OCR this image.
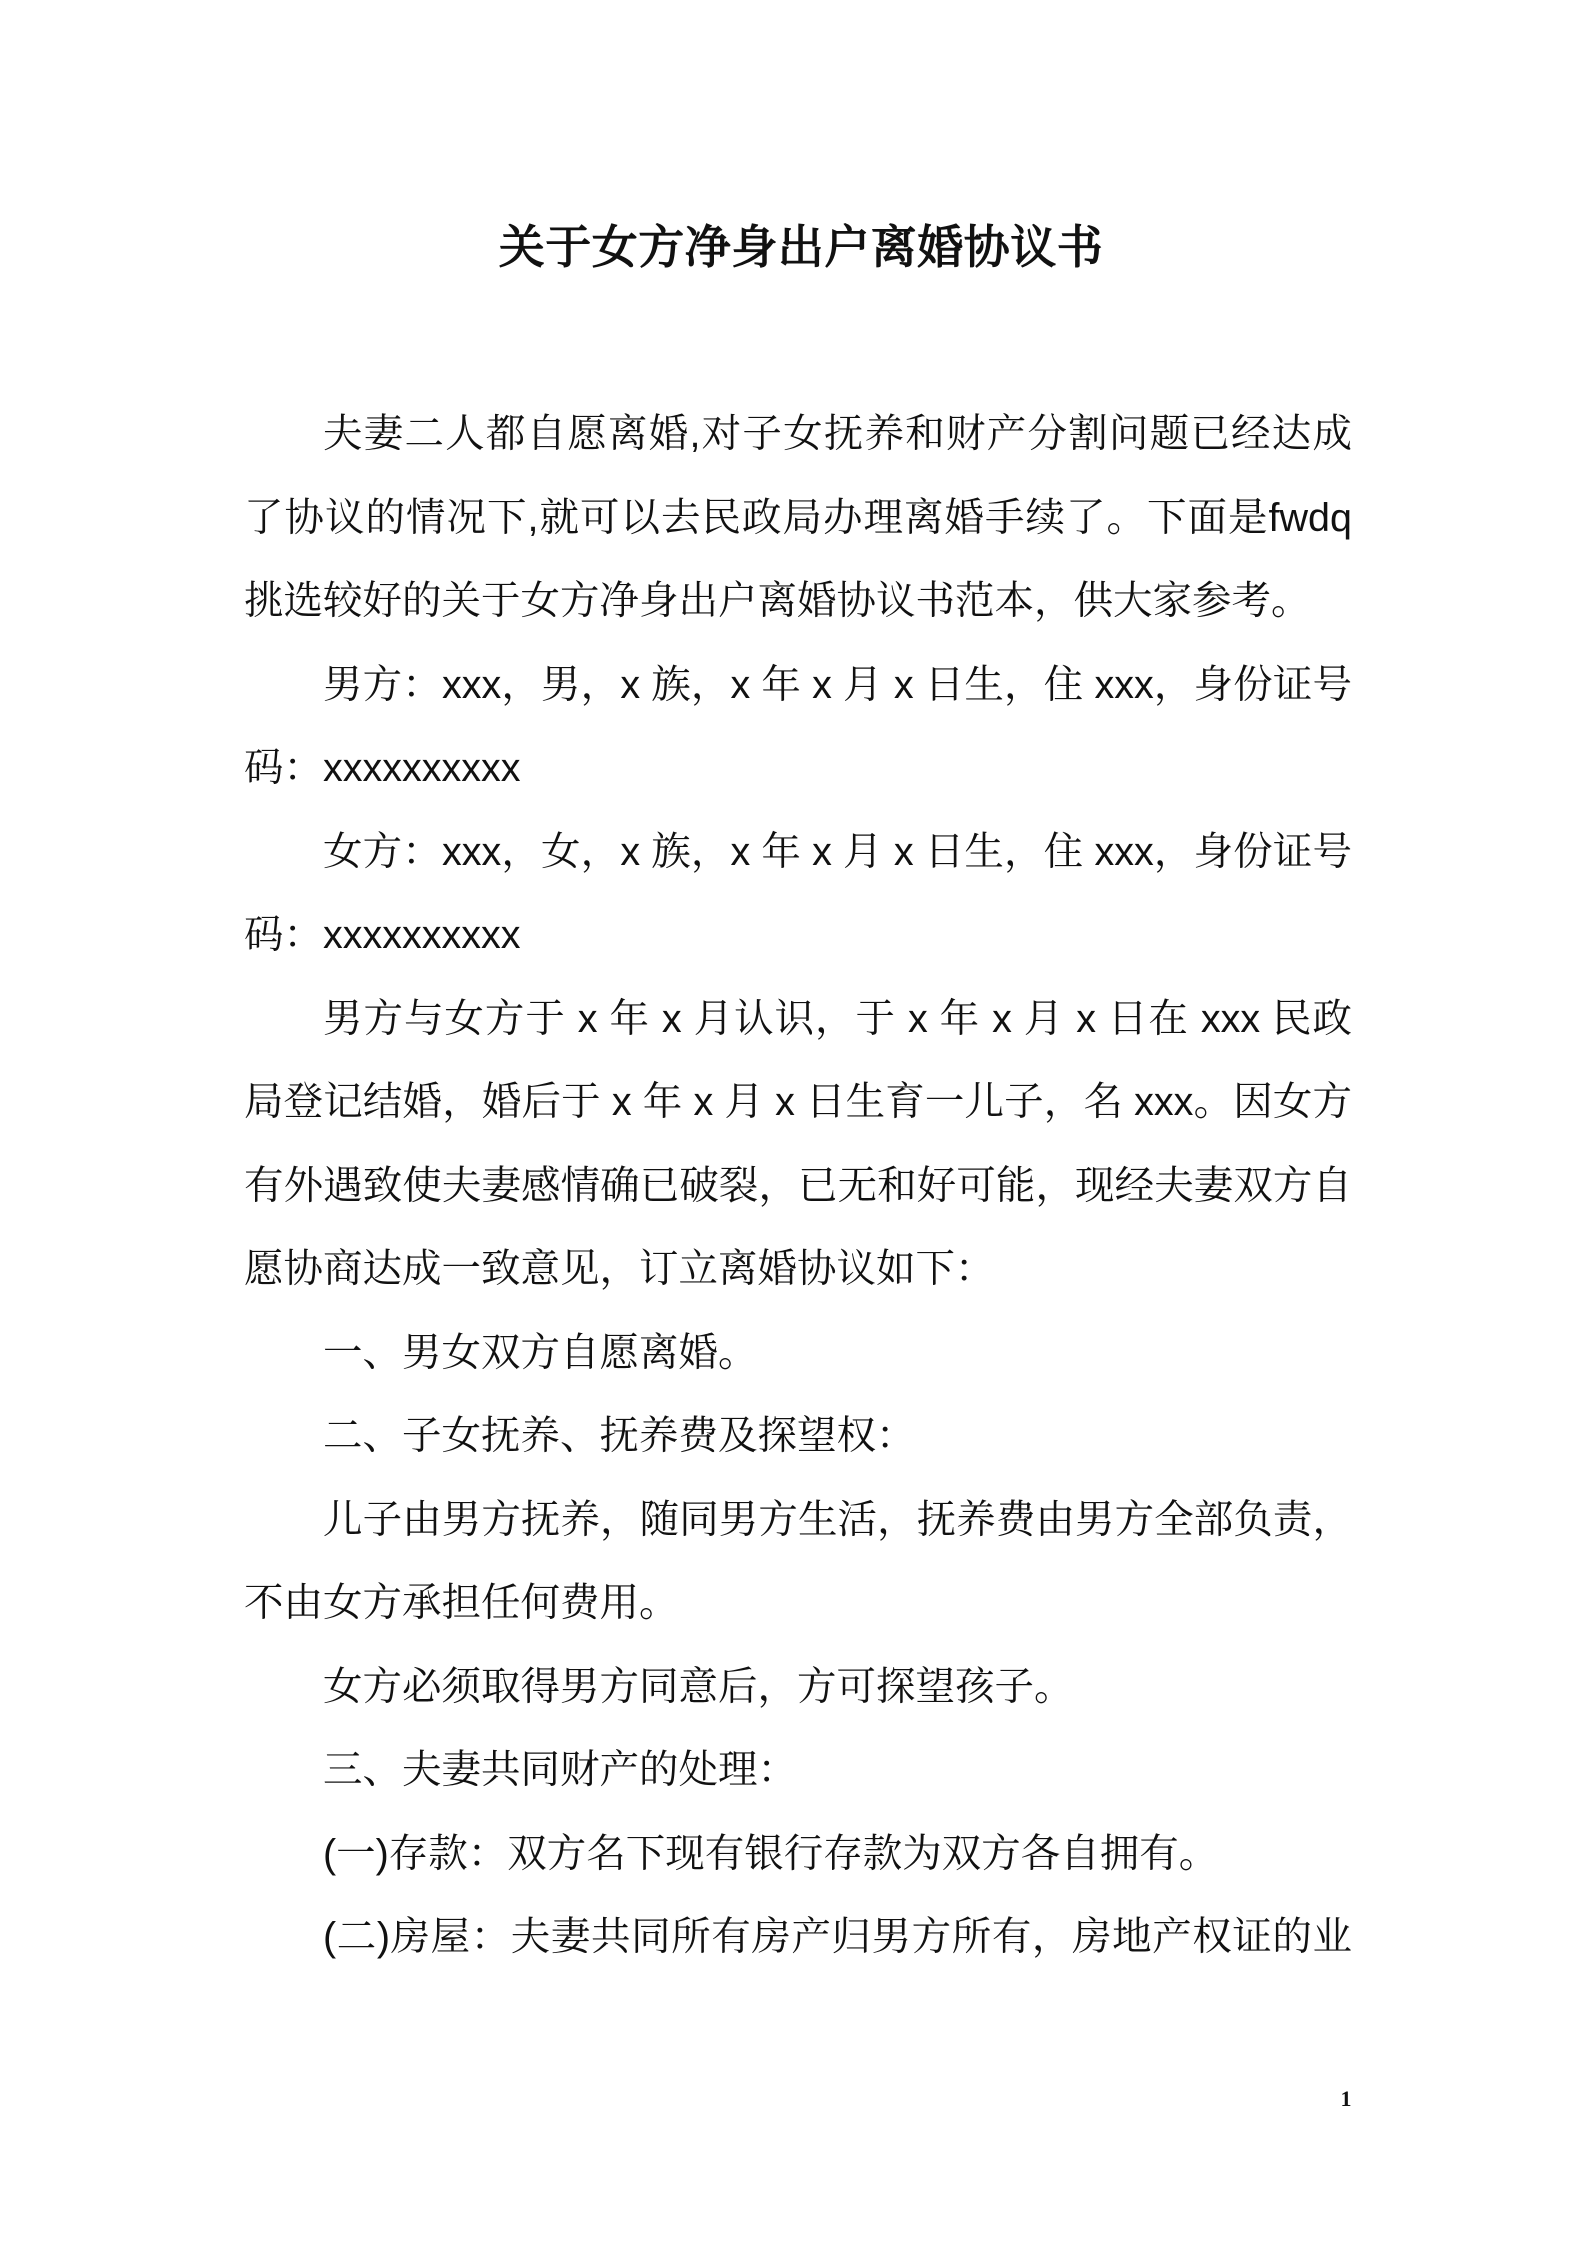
关于女方净身出户离婚协议书
夫妻二人都自愿离婚,对子女抚养和财产分割问题已经达成
了协议的情况下,就可以去民政局办理离婚手续了。下面是fwdq
挑选较好的关于女方净身出户离婚协议书范本，供大家参考。
男方：xxx，男，x 族，x 年 x 月 x 日生，住 xxx，身份证号
码：xxxxxxxxxx
女方：xxx，女，x 族，x 年 x 月 x 日生，住 xxx，身份证号
码：xxxxxxxxxx
男方与女方于 x 年 x 月认识，于 x 年 x 月 x 日在 xxx 民政
局登记结婚，婚后于 x 年 x 月 x 日生育一儿子，名 xxx。因女方
有外遇致使夫妻感情确已破裂，已无和好可能，现经夫妻双方自
愿协商达成一致意见，订立离婚协议如下：
一、男女双方自愿离婚。
二、子女抚养、抚养费及探望权：
儿子由男方抚养，随同男方生活，抚养费由男方全部负责，
不由女方承担任何费用。
女方必须取得男方同意后，方可探望孩子。
三、夫妻共同财产的处理：
(一)存款：双方名下现有银行存款为双方各自拥有。
(二)房屋：夫妻共同所有房产归男方所有，房地产权证的业
1
